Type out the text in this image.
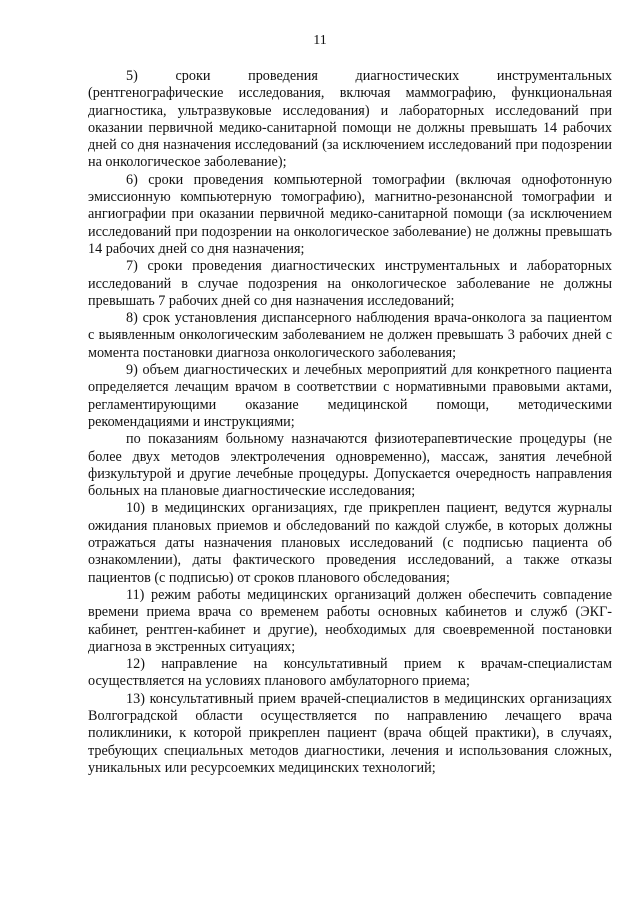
11

5) сроки проведения диагностических инструментальных (рентгенографические исследования, включая маммографию, функциональная диагностика, ультразвуковые исследования) и лабораторных исследований при оказании первичной медико-санитарной помощи не должны превышать 14 рабочих дней со дня назначения исследований (за исключением исследований при подозрении на онкологическое заболевание);

6) сроки проведения компьютерной томографии (включая однофотонную эмиссионную компьютерную томографию), магнитно-резонансной томографии и ангиографии при оказании первичной медико-санитарной помощи (за исключением исследований при подозрении на онкологическое заболевание) не должны превышать 14 рабочих дней со дня назначения;

7) сроки проведения диагностических инструментальных и лабораторных исследований в случае подозрения на онкологическое заболевание не должны превышать 7 рабочих дней со дня назначения исследований;

8) срок установления диспансерного наблюдения врача-онколога за пациентом с выявленным онкологическим заболеванием не должен превышать 3 рабочих дней с момента постановки диагноза онкологического заболевания;

9) объем диагностических и лечебных мероприятий для конкретного пациента определяется лечащим врачом в соответствии с нормативными правовыми актами, регламентирующими оказание медицинской помощи, методическими рекомендациями и инструкциями;

по показаниям больному назначаются физиотерапевтические процедуры (не более двух методов электролечения одновременно), массаж, занятия лечебной физкультурой и другие лечебные процедуры. Допускается очередность направления больных на плановые диагностические исследования;

10) в медицинских организациях, где прикреплен пациент, ведутся журналы ожидания плановых приемов и обследований по каждой службе, в которых должны отражаться даты назначения плановых исследований (с подписью пациента об ознакомлении), даты фактического проведения исследований, а также отказы пациентов (с подписью) от сроков планового обследования;

11) режим работы медицинских организаций должен обеспечить совпадение времени приема врача со временем работы основных кабинетов и служб (ЭКГ-кабинет, рентген-кабинет и другие), необходимых для своевременной постановки диагноза в экстренных ситуациях;

12) направление на консультативный прием к врачам-специалистам осуществляется на условиях планового амбулаторного приема;

13) консультативный прием врачей-специалистов в медицинских организациях Волгоградской области осуществляется по направлению лечащего врача поликлиники, к которой прикреплен пациент (врача общей практики), в случаях, требующих специальных методов диагностики, лечения и использования сложных, уникальных или ресурсоемких медицинских технологий;
